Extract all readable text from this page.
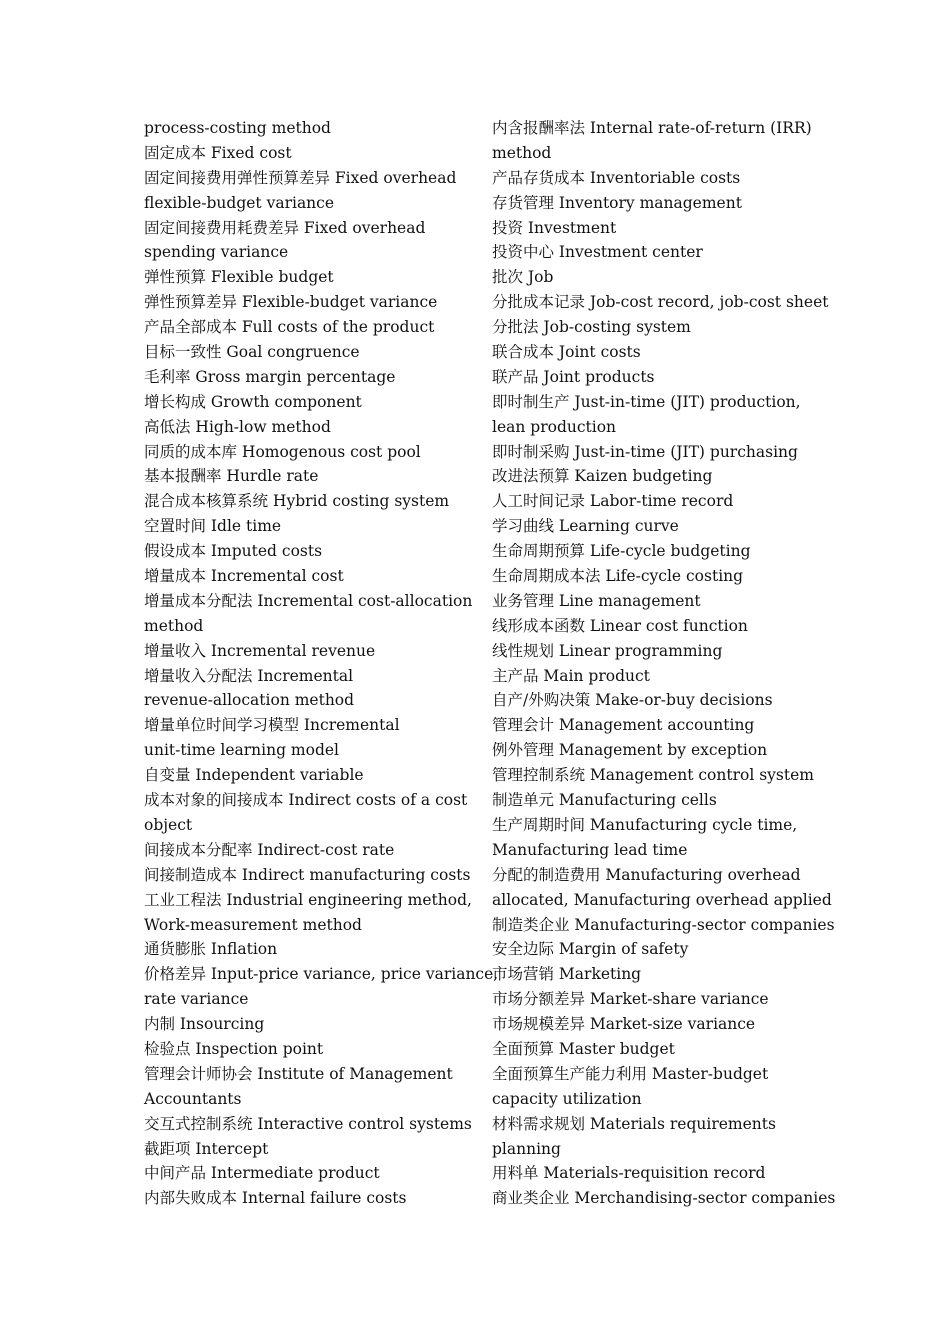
process-costing method
固定成本 Fixed cost
固定间接费用弹性预算差异 Fixed overhead
flexible-budget variance
固定间接费用耗费差异 Fixed overhead
spending variance
弹性预算 Flexible budget
弹性预算差异 Flexible-budget variance
产品全部成本 Full costs of the product
目标一致性 Goal congruence
毛利率 Gross margin percentage
增长构成 Growth component
高低法 High-low method
同质的成本库 Homogenous cost pool
基本报酬率 Hurdle rate
混合成本核算系统 Hybrid costing system
空置时间 Idle time
假设成本 Imputed costs
增量成本 Incremental cost
增量成本分配法 Incremental cost-allocation
method
增量收入 Incremental revenue
增量收入分配法 Incremental
revenue-allocation method
增量单位时间学习模型 Incremental
unit-time learning model
自变量 Independent variable
成本对象的间接成本 Indirect costs of a cost
object
间接成本分配率 Indirect-cost rate
间接制造成本 Indirect manufacturing costs
工业工程法 Industrial engineering method,
Work-measurement method
通货膨胀 Inflation
价格差异 Input-price variance, price variance,
rate variance
内制 Insourcing
检验点 Inspection point
管理会计师协会 Institute of Management
Accountants
交互式控制系统 Interactive control systems
截距项 Intercept
中间产品 Intermediate product
内部失败成本 Internal failure costs
内含报酬率法 Internal rate-of-return (IRR)
method
产品存货成本 Inventoriable costs
存货管理 Inventory management
投资 Investment
投资中心 Investment center
批次 Job
分批成本记录 Job-cost record, job-cost sheet
分批法 Job-costing system
联合成本 Joint costs
联产品 Joint products
即时制生产 Just-in-time (JIT) production,
lean production
即时制采购 Just-in-time (JIT) purchasing
改进法预算 Kaizen budgeting
人工时间记录 Labor-time record
学习曲线 Learning curve
生命周期预算 Life-cycle budgeting
生命周期成本法 Life-cycle costing
业务管理 Line management
线形成本函数 Linear cost function
线性规划 Linear programming
主产品 Main product
自产/外购决策 Make-or-buy decisions
管理会计 Management accounting
例外管理 Management by exception
管理控制系统 Management control system
制造单元 Manufacturing cells
生产周期时间 Manufacturing cycle time,
Manufacturing lead time
分配的制造费用 Manufacturing overhead
allocated, Manufacturing overhead applied
制造类企业 Manufacturing-sector companies
安全边际 Margin of safety
市场营销 Marketing
市场分额差异 Market-share variance
市场规模差异 Market-size variance
全面预算 Master budget
全面预算生产能力利用 Master-budget
capacity utilization
材料需求规划 Materials requirements
planning
用料单 Materials-requisition record
商业类企业 Merchandising-sector companies
